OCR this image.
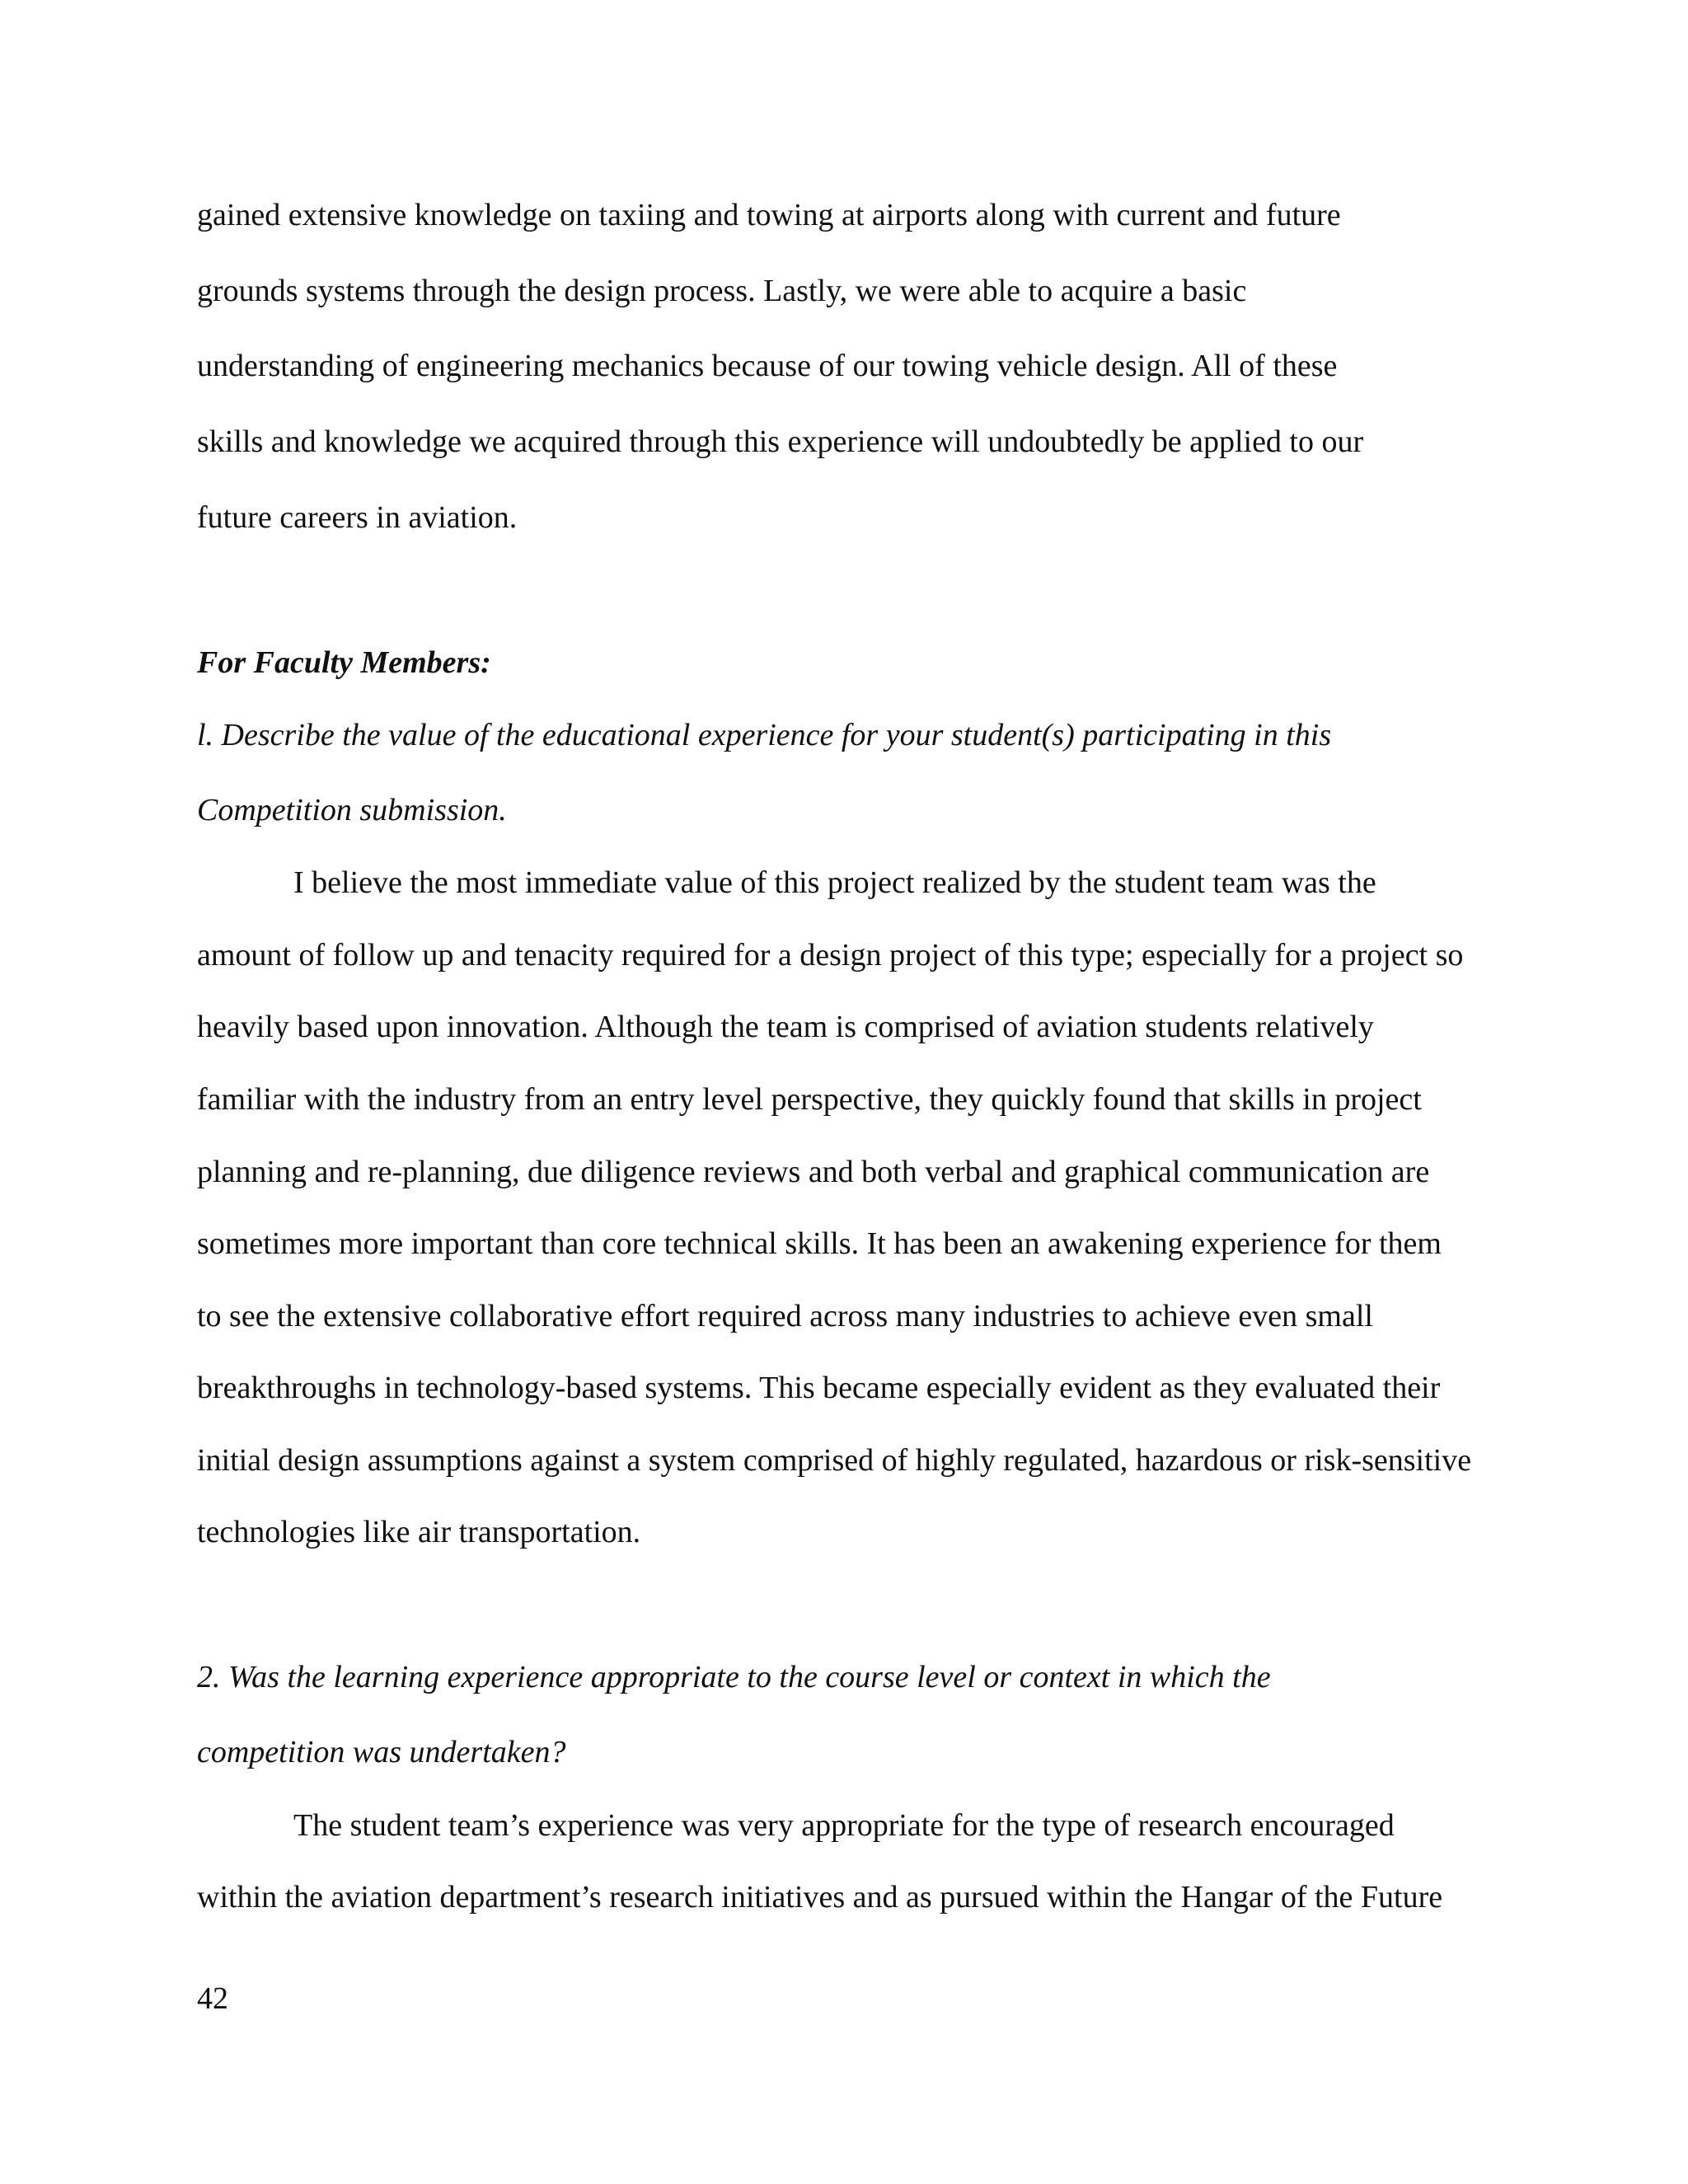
gained extensive knowledge on taxiing and towing at airports along with current and future
grounds systems through the design process. Lastly, we were able to acquire a basic
understanding of engineering mechanics because of our towing vehicle design. All of these
skills and knowledge we acquired through this experience will undoubtedly be applied to our
future careers in aviation.
For Faculty Members:
l. Describe the value of the educational experience for your student(s) participating in this
Competition submission.
I believe the most immediate value of this project realized by the student team was the
amount of follow up and tenacity required for a design project of this type; especially for a project so
heavily based upon innovation. Although the team is comprised of aviation students relatively
familiar with the industry from an entry level perspective, they quickly found that skills in project
planning and re-planning, due diligence reviews and both verbal and graphical communication are
sometimes more important than core technical skills. It has been an awakening experience for them
to see the extensive collaborative effort required across many industries to achieve even small
breakthroughs in technology-based systems. This became especially evident as they evaluated their
initial design assumptions against a system comprised of highly regulated, hazardous or risk-sensitive
technologies like air transportation.
2. Was the learning experience appropriate to the course level or context in which the
competition was undertaken?
The student team’s experience was very appropriate for the type of research encouraged
within the aviation department’s research initiatives and as pursued within the Hangar of the Future
42
